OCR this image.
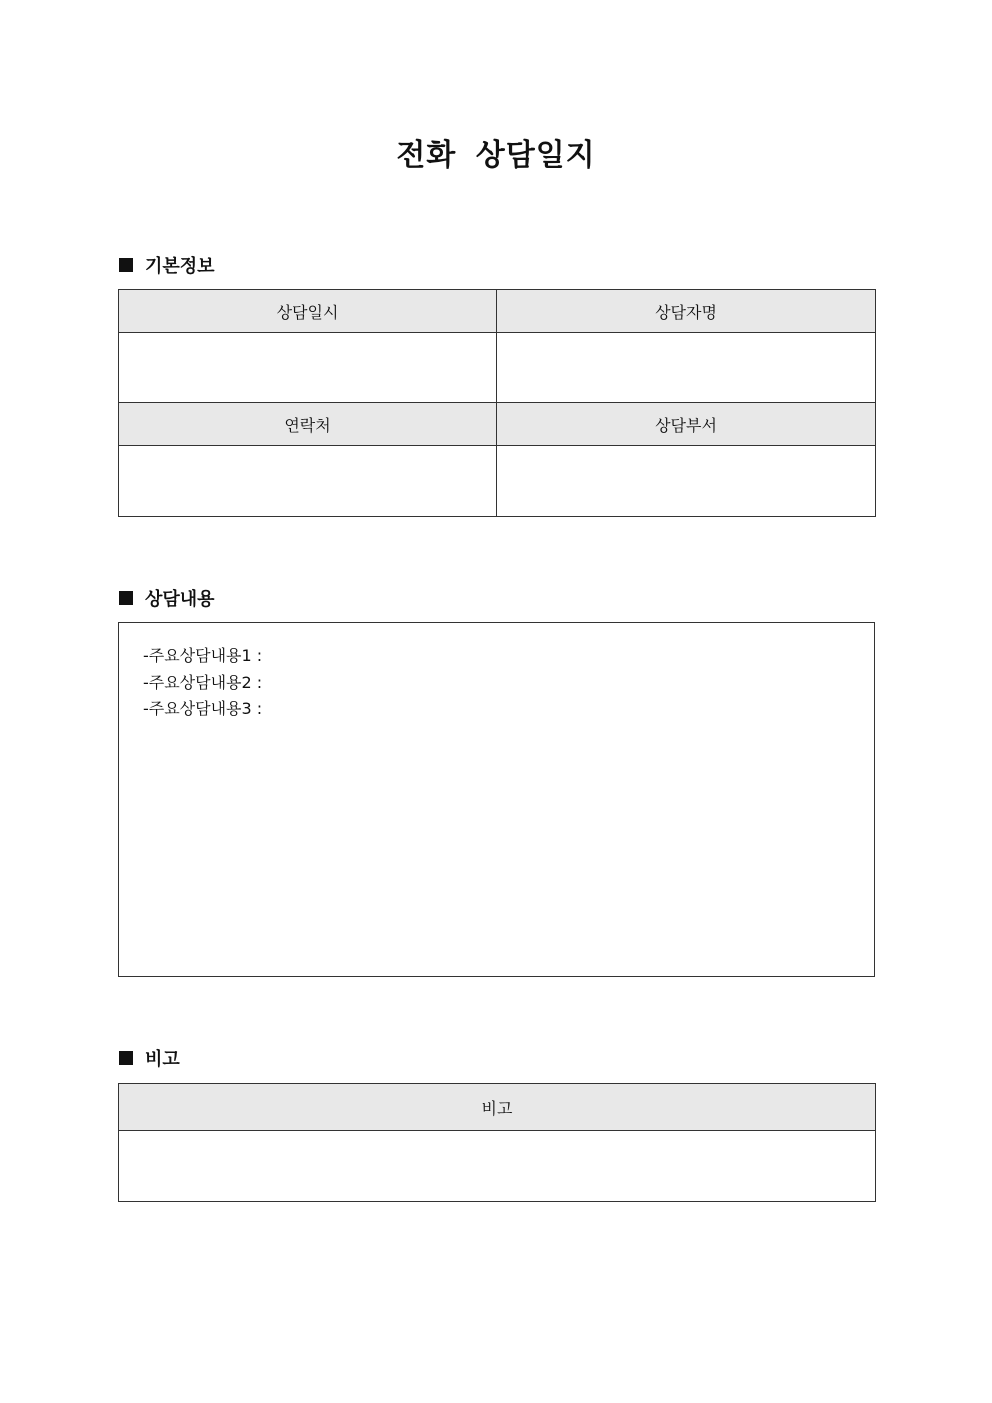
전화 상담일지
기본정보
상담일시	상담자명

연락처	상담부서

상담내용
-주요상담내용1 :
-주요상담내용2 :
-주요상담내용3 :
비고
비고
